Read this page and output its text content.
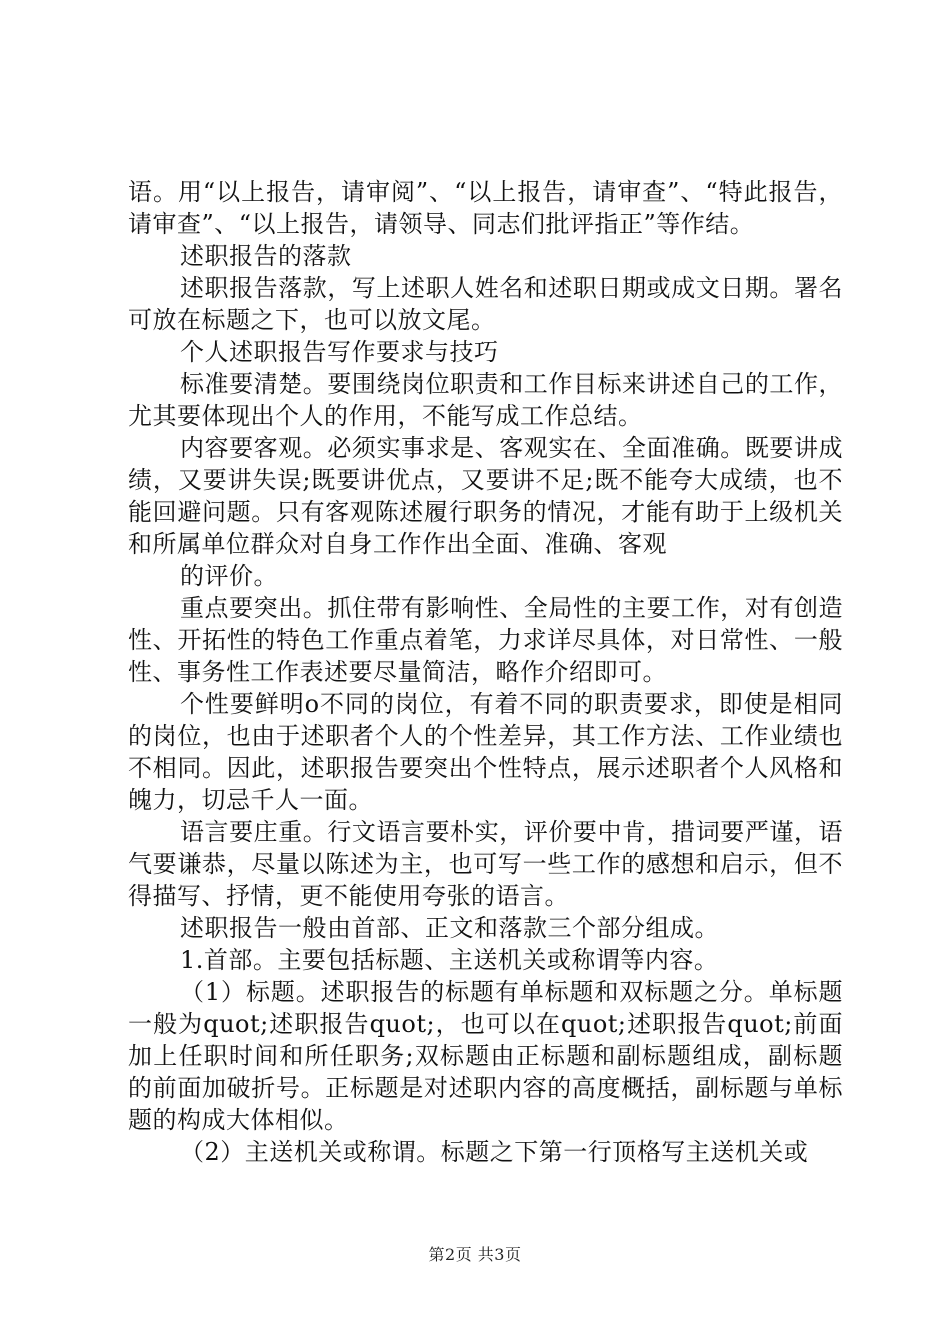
语。用“以上报告，请审阅”、“以上报告，请审查”、“特此报告，请审查”、“以上报告，请领导、同志们批评指正”等作结。

述职报告的落款

述职报告落款，写上述职人姓名和述职日期或成文日期。署名可放在标题之下，也可以放文尾。

个人述职报告写作要求与技巧

标准要清楚。要围绕岗位职责和工作目标来讲述自己的工作，尤其要体现出个人的作用，不能写成工作总结。

内容要客观。必须实事求是、客观实在、全面准确。既要讲成绩，又要讲失误;既要讲优点，又要讲不足;既不能夸大成绩，也不能回避问题。只有客观陈述履行职务的情况，才能有助于上级机关和所属单位群众对自身工作作出全面、准确、客观

的评价。

重点要突出。抓住带有影响性、全局性的主要工作，对有创造性、开拓性的特色工作重点着笔，力求详尽具体，对日常性、一般性、事务性工作表述要尽量简洁，略作介绍即可。

个性要鲜明o不同的岗位，有着不同的职责要求，即使是相同的岗位，也由于述职者个人的个性差异，其工作方法、工作业绩也不相同。因此，述职报告要突出个性特点，展示述职者个人风格和魄力，切忌千人一面。

语言要庄重。行文语言要朴实，评价要中肯，措词要严谨，语气要谦恭，尽量以陈述为主，也可写一些工作的感想和启示，但不得描写、抒情，更不能使用夸张的语言。

述职报告一般由首部、正文和落款三个部分组成。

1.首部。主要包括标题、主送机关或称谓等内容。

（1）标题。述职报告的标题有单标题和双标题之分。单标题一般为quot;述职报告quot;，也可以在quot;述职报告quot;前面加上任职时间和所任职务;双标题由正标题和副标题组成，副标题的前面加破折号。正标题是对述职内容的高度概括，副标题与单标题的构成大体相似。

（2）主送机关或称谓。标题之下第一行顶格写主送机关或

第2页 共3页
